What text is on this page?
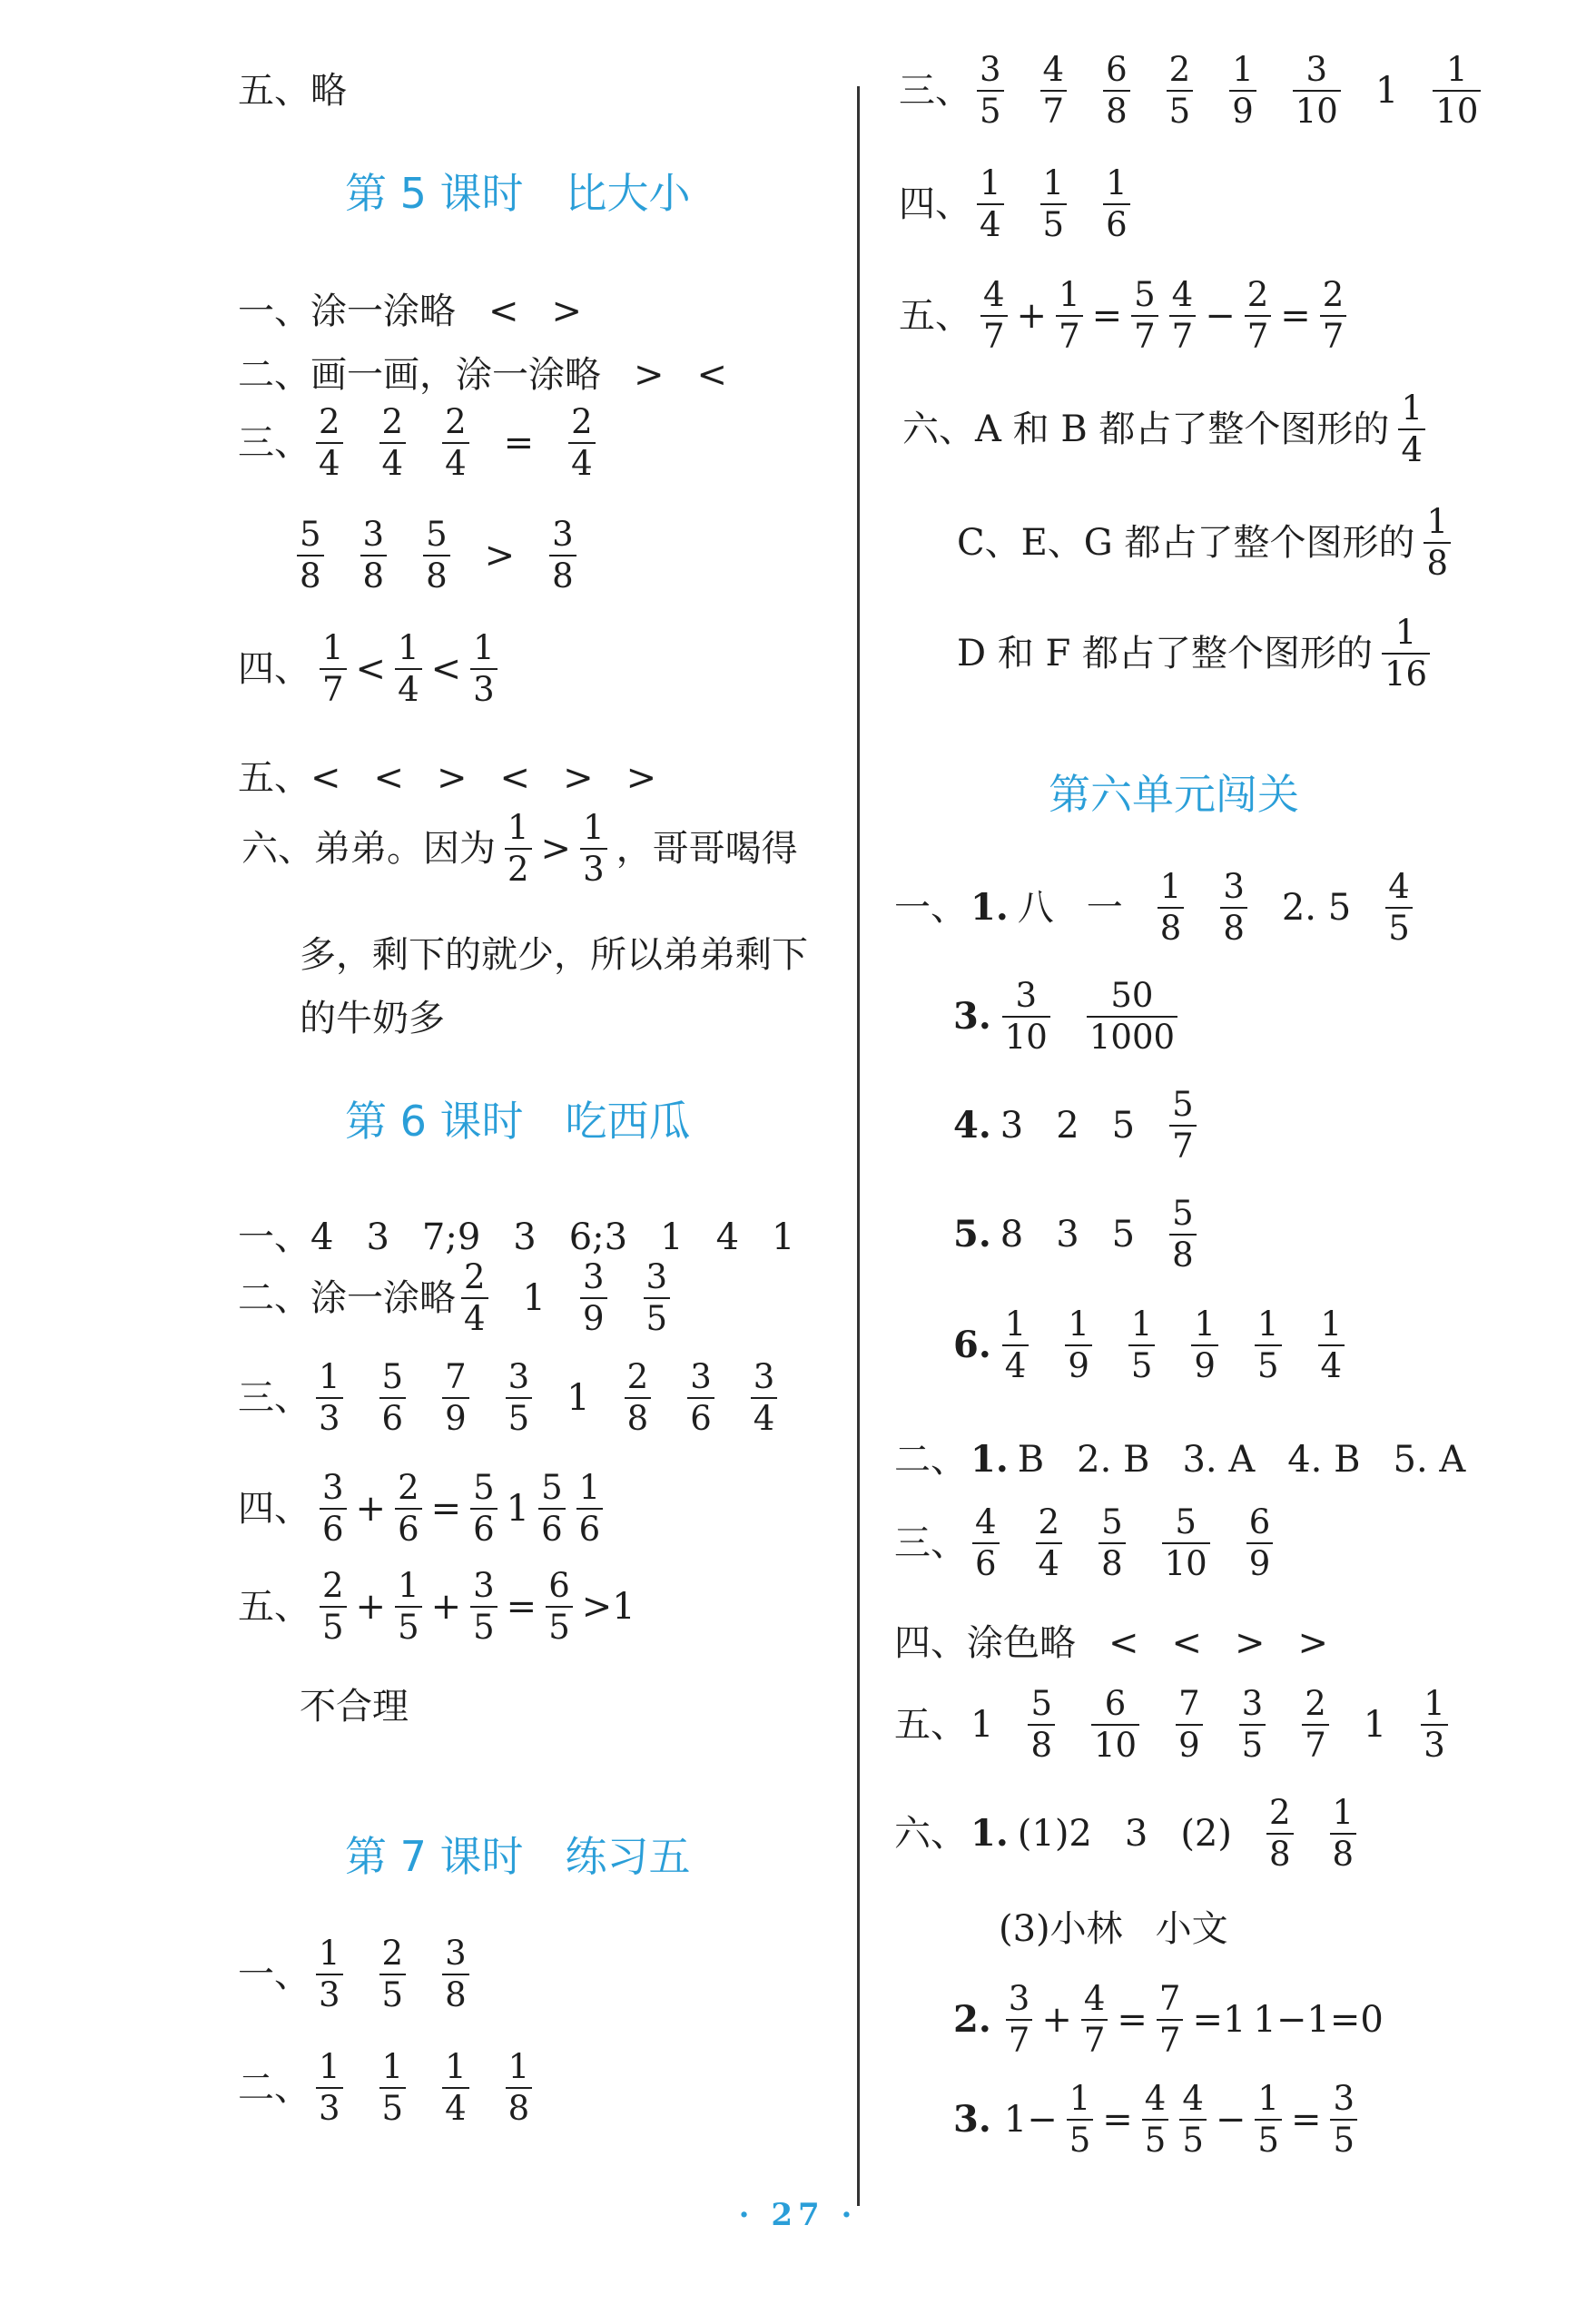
五、略
第 5 课时　比大小
一、涂一涂略 < >
二、画一画，涂一涂略 > <
三、 $\frac{2}{4} \frac{2}{4} \frac{2}{4} = \frac{2}{4}$
$\frac{5}{8} \frac{3}{8} \frac{5}{8} > \frac{3}{8}$
四、 $\frac{1}{7} < \frac{1}{4} < \frac{1}{3}$
五、< < > < > >
六、弟弟。因为 $\frac{1}{2} > \frac{1}{3}$ ，哥哥喝得
多，剩下的就少，所以弟弟剩下
的牛奶多
第 6 课时　吃西瓜
一、4 3 7;9 3 6;3 1 4 1
二、涂一涂略 $\frac{2}{4} 1 \frac{3}{9} \frac{3}{5}$
三、 $\frac{1}{3} \frac{5}{6} \frac{7}{9} \frac{3}{5} 1 \frac{2}{8} \frac{3}{6} \frac{3}{4}$
四、 $\frac{3}{6} + \frac{2}{6} = \frac{5}{6} 1 \frac{5}{6} \frac{1}{6}$
五、 $\frac{2}{5} + \frac{1}{5} + \frac{3}{5} = \frac{6}{5} >1$
不合理
第 7 课时　练习五
一、 $\frac{1}{3} \frac{2}{5} \frac{3}{8}$
二、 $\frac{1}{3} \frac{1}{5} \frac{1}{4} \frac{1}{8}$
三、 $\frac{3}{5} \frac{4}{7} \frac{6}{8} \frac{2}{5} \frac{1}{9} \frac{3}{10} 1 \frac{1}{10}$
四、 $\frac{1}{4} \frac{1}{5} \frac{1}{6}$
五、 $\frac{4}{7} + \frac{1}{7} = \frac{5}{7} \frac{4}{7} - \frac{2}{7} = \frac{2}{7}$
六、A 和 B 都占了整个图形的 $\frac{1}{4}$
C、E、G 都占了整个图形的 $\frac{1}{8}$
D 和 F 都占了整个图形的 $\frac{1}{16}$
第六单元闯关
一、 1. 八 一 $\frac{1}{8} \frac{3}{8} 2$. $5 \frac{4}{5}$
3. $\frac{3}{10} \frac{50}{1000}$
4. 3 2 $5 \frac{5}{7}$
5. 8 3 $5 \frac{5}{8}$
6. $\frac{1}{4} \frac{1}{9} \frac{1}{5} \frac{1}{9} \frac{1}{5} \frac{1}{4}$
二、 1. B 2. B 3. A 4. B 5. A
三、 $\frac{4}{6} \frac{2}{4} \frac{5}{8} \frac{5}{10} \frac{6}{9}$
四、涂色略 < < > >
五、 $1 \frac{5}{8} \frac{6}{10} \frac{7}{9} \frac{3}{5} \frac{2}{7} 1 \frac{1}{3}$
六、 1. (1)2 3 $(2) \frac{2}{8} \frac{1}{8}$
(3)小林 小文
2. $\frac{3}{7} + \frac{4}{7} = \frac{7}{7} =1$ 1−1=0
3. $1- \frac{1}{5} = \frac{4}{5} \frac{4}{5} - \frac{1}{5} = \frac{3}{5}$
· 27 ·
